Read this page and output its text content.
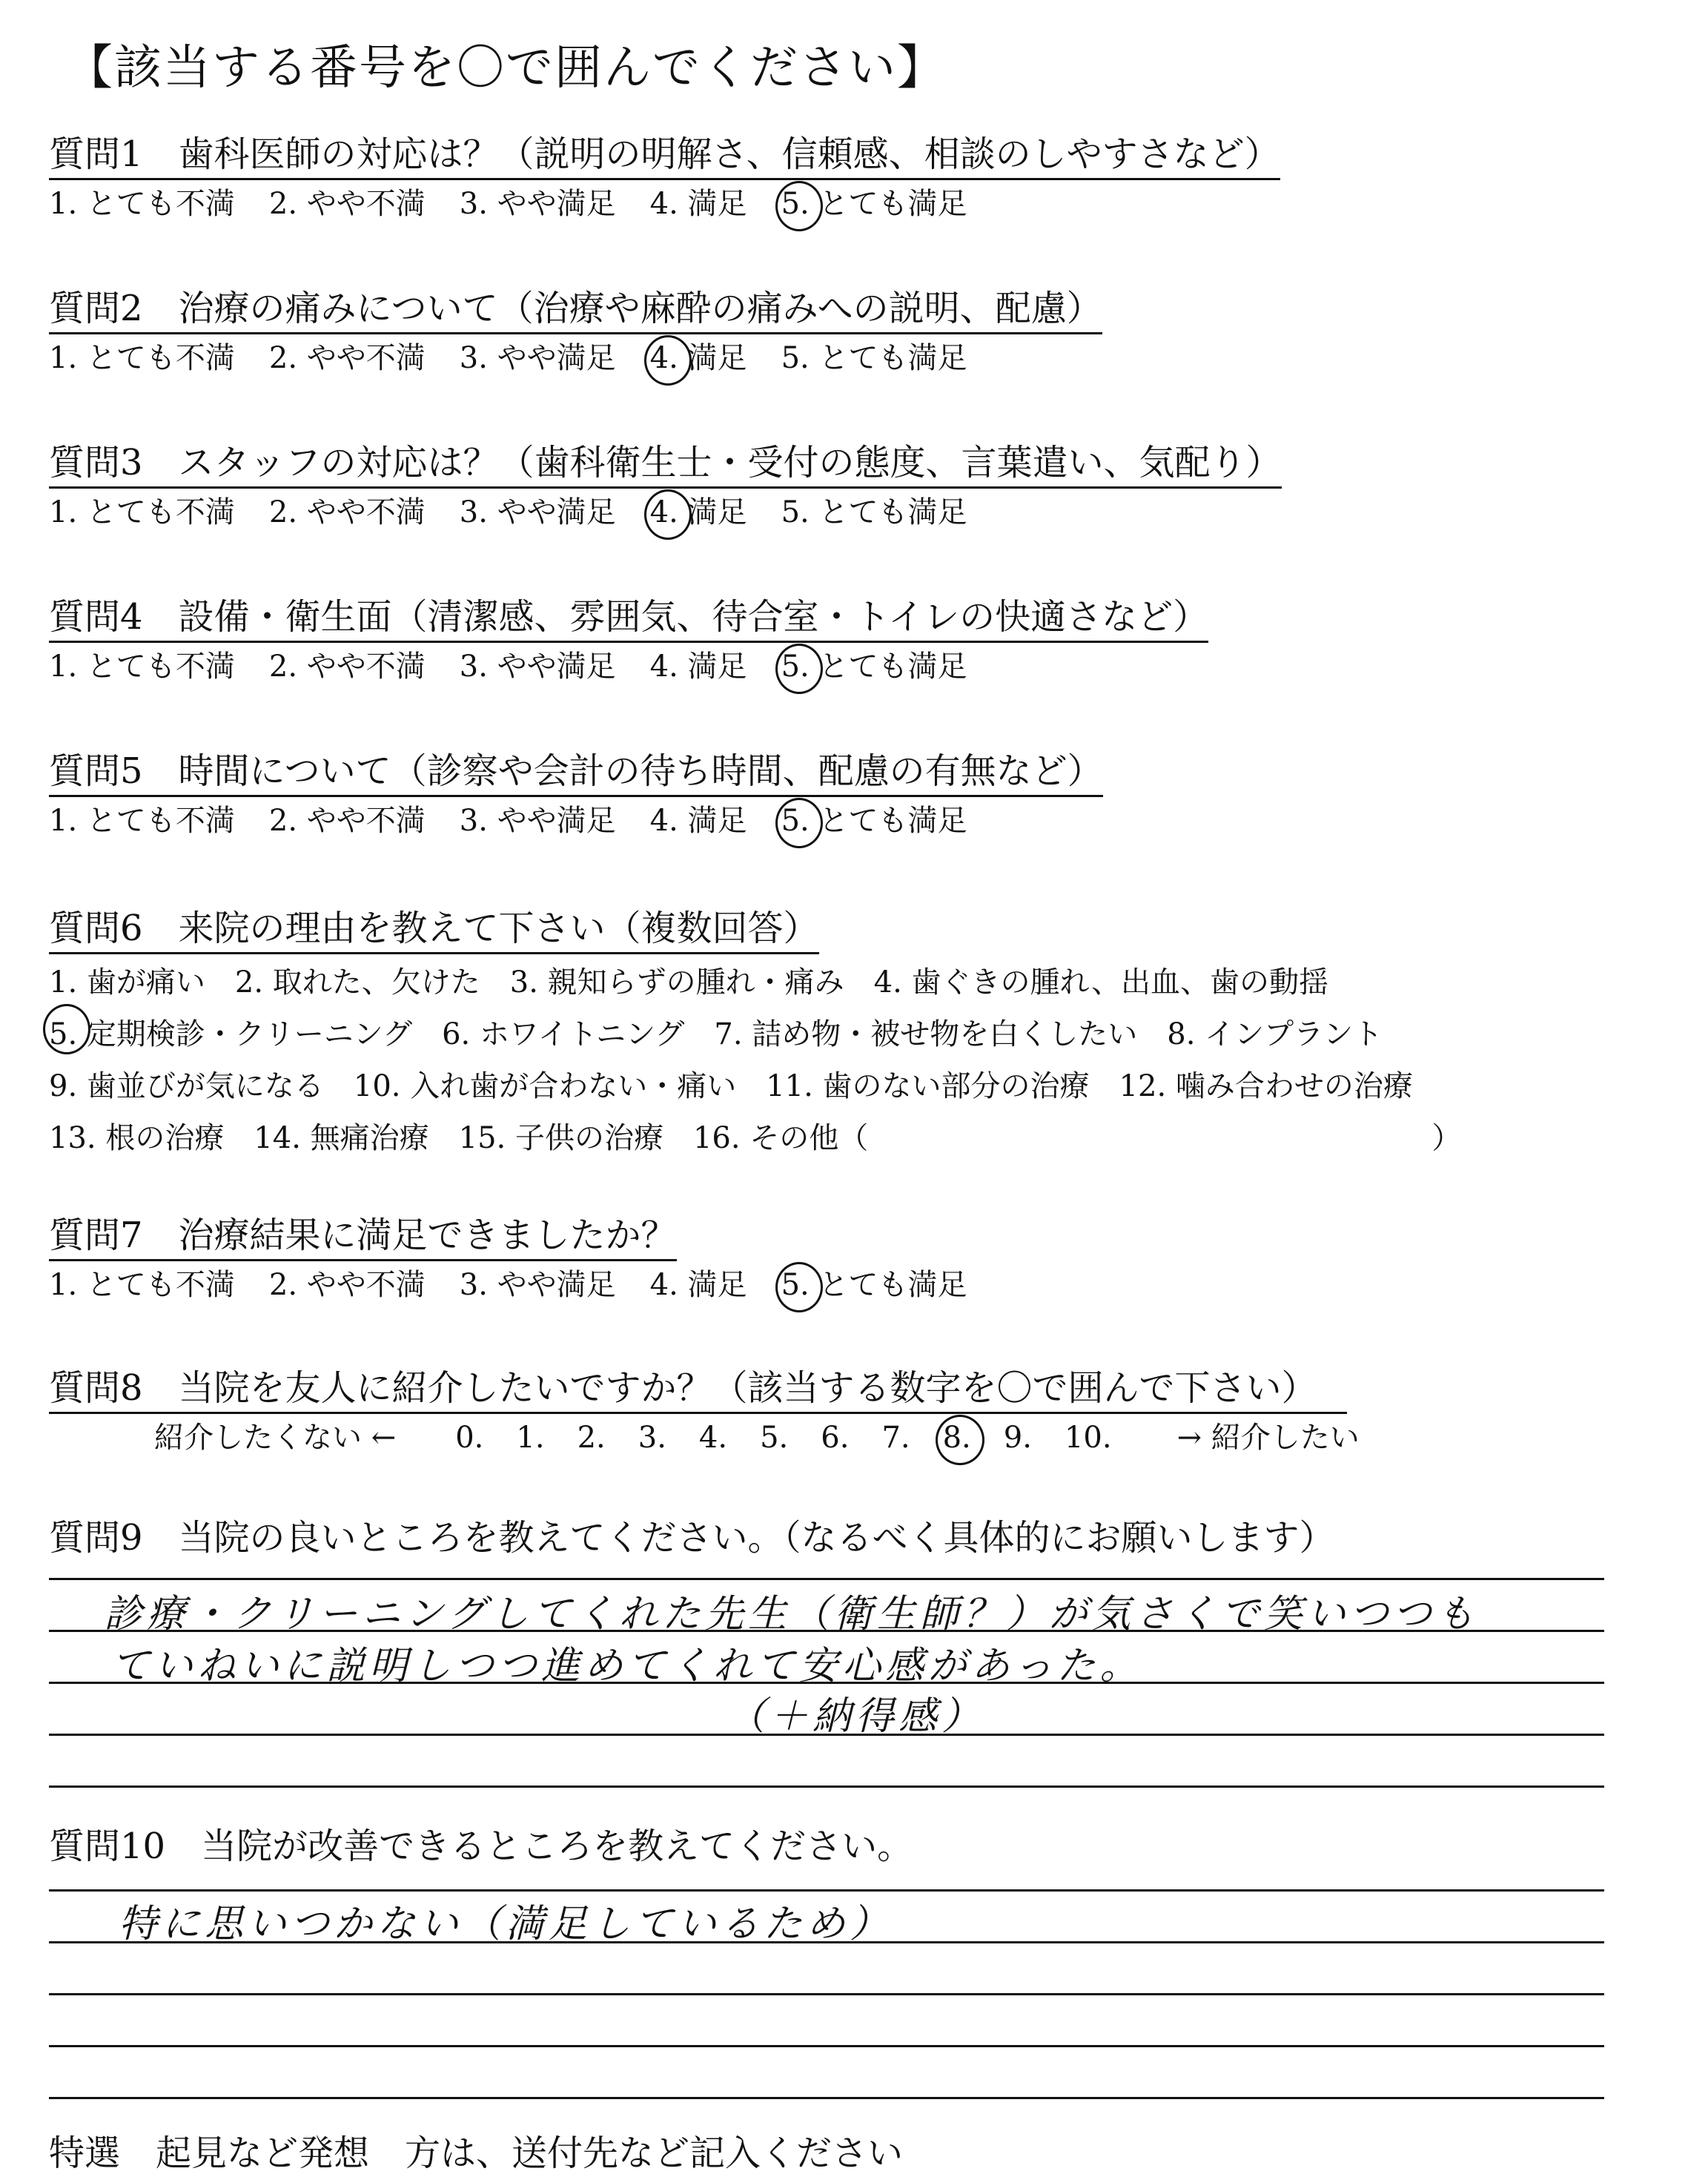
【該当する番号を〇で囲んでください】
質問1　歯科医師の対応は？（説明の明解さ、信頼感、相談のしやすさなど）
1. とても不満 2. やや不満 3. やや満足 4. 満足 5. とても満足
質問2　治療の痛みについて（治療や麻酔の痛みへの説明、配慮）
1. とても不満 2. やや不満 3. やや満足 4. 満足 5. とても満足
質問3　スタッフの対応は？（歯科衛生士・受付の態度、言葉遣い、気配り）
1. とても不満 2. やや不満 3. やや満足 4. 満足 5. とても満足
質問4　設備・衛生面（清潔感、雰囲気、待合室・トイレの快適さなど）
1. とても不満 2. やや不満 3. やや満足 4. 満足 5. とても満足
質問5　時間について（診察や会計の待ち時間、配慮の有無など）
1. とても不満 2. やや不満 3. やや満足 4. 満足 5. とても満足
質問6　来院の理由を教えて下さい（複数回答）
1. 歯が痛い 2. 取れた、欠けた 3. 親知らずの腫れ・痛み 4. 歯ぐきの腫れ、出血、歯の動揺
5. 定期検診・クリーニング 6. ホワイトニング 7. 詰め物・被せ物を白くしたい 8. インプラント
9. 歯並びが気になる 10. 入れ歯が合わない・痛い 11. 歯のない部分の治療 12. 噛み合わせの治療
13. 根の治療 14. 無痛治療 15. 子供の治療 16. その他（	）
質問7　治療結果に満足できましたか？
1. とても不満 2. やや不満 3. やや満足 4. 満足 5. とても満足
質問8　当院を友人に紹介したいですか？（該当する数字を〇で囲んで下さい）
紹介したくない ← 0. 1. 2. 3. 4. 5. 6. 7. 8. 9. 10. → 紹介したい
質問9　当院の良いところを教えてください。（なるべく具体的にお願いします）
診療・クリーニングしてくれた先生（衛生師？）が気さくで笑いつつも
ていねいに説明しつつ進めてくれて安心感があった。
（＋納得感）
質問10　当院が改善できるところを教えてください。
特に思いつかない（満足しているため）
特選　起見など発想　方は、送付先など記入ください
